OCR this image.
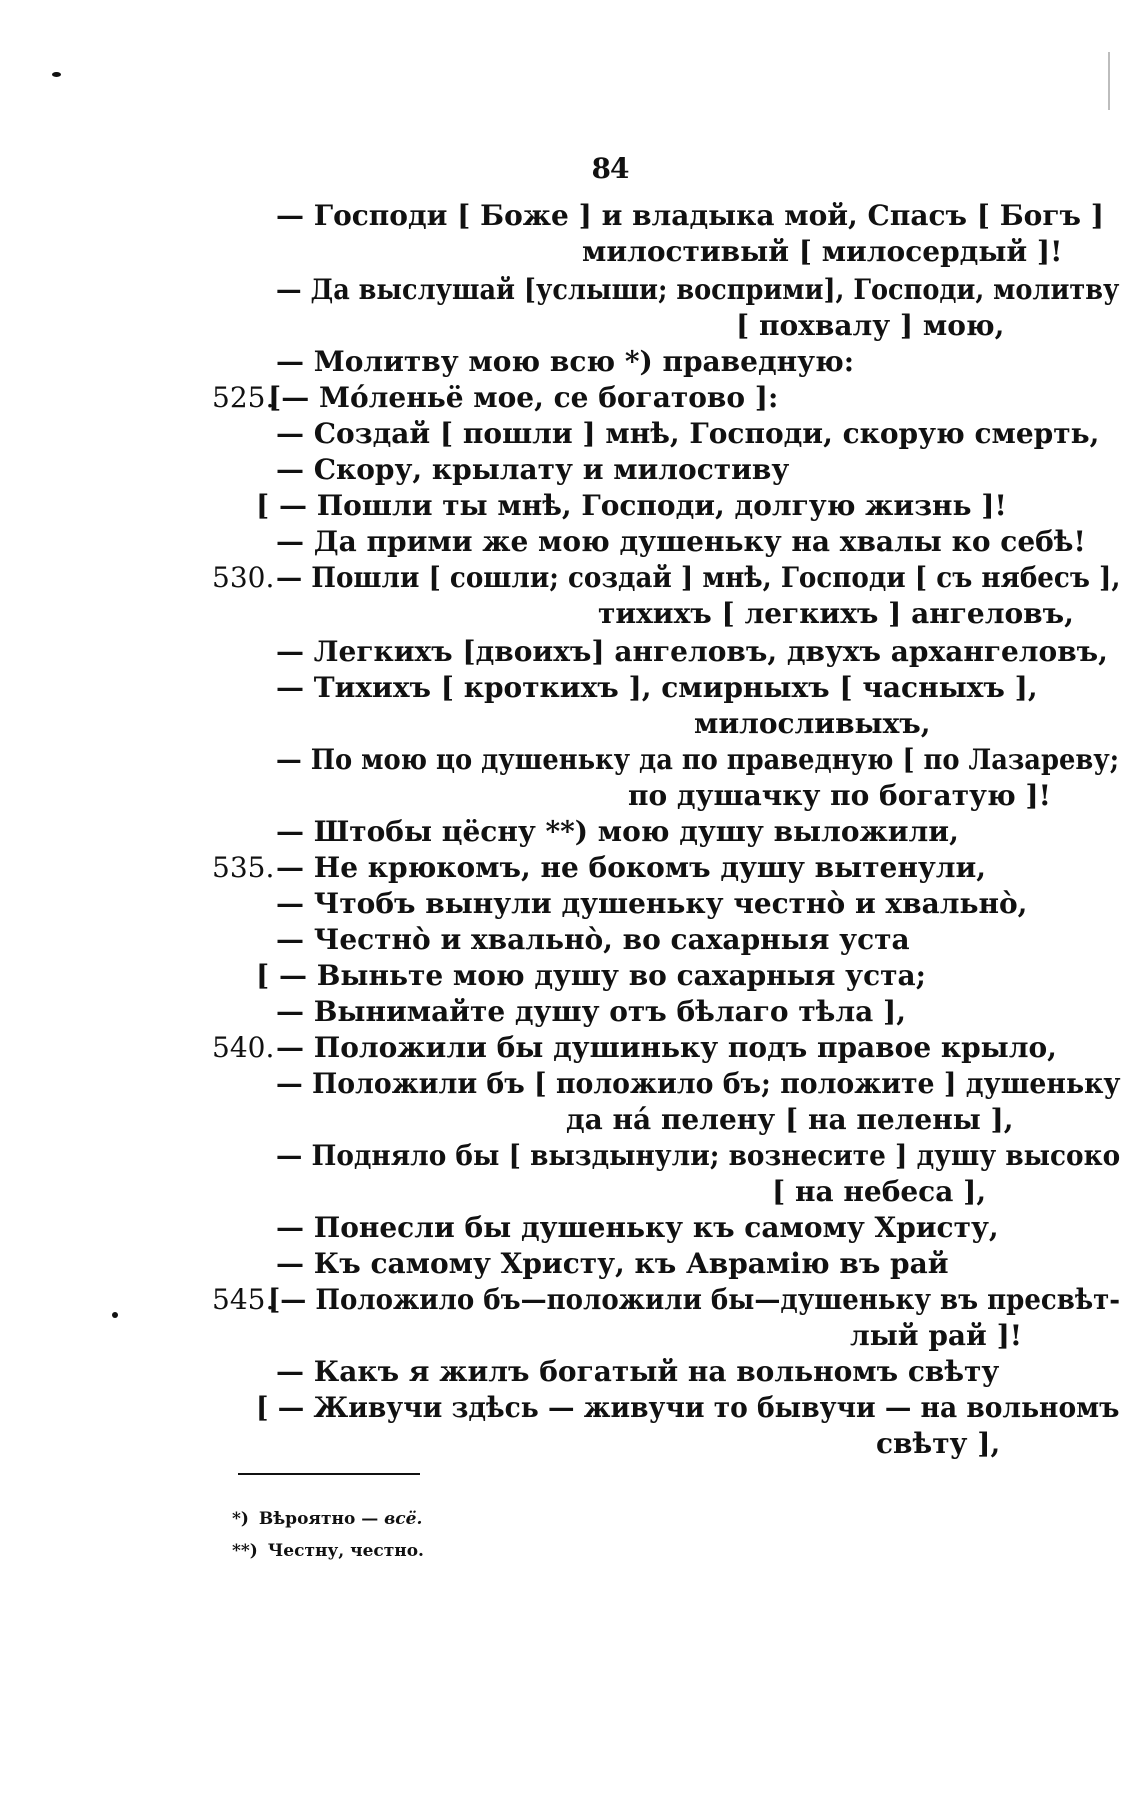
84
— Господи [ Боже ] и владыка мой, Спасъ [ Богъ ]
милостивый [ милосердый ]!
— Да выслушай [услыши; восприми], Господи, молитву
[ похвалу ] мою,
— Молитву мою всю *) праведную:
525.
[— Мо́леньё мое, се богатово ]:
— Создай [ пошли ] мнѣ, Господи, скорую смерть,
— Скору, крылату и милостиву
[ — Пошли ты мнѣ, Господи, долгую жизнь ]!
— Да прими же мою душеньку на хвалы ко себѣ!
530. — Пошли [ сошли; создай ] мнѣ, Господи [ съ нябесъ ],
тихихъ [ легкихъ ] ангеловъ,
— Легкихъ [двоихъ] ангеловъ, двухъ архангеловъ,
— Тихихъ [ кроткихъ ], смирныхъ [ часныхъ ],
милосливыхъ,
— По мою цо душеньку да по праведную [ по Лазареву;
по душачку по богатую ]!
— Штобы цёсну **) мою душу выложили,
535. — Не крюкомъ, не бокомъ душу вытенули,
— Чтобъ вынули душеньку честно̀ и хвально̀,
— Честно̀ и хвально̀, во сахарныя уста
[ — Выньте мою душу во сахарныя уста;
— Вынимайте душу отъ бѣлаго тѣла ],
540. — Положили бы душиньку подъ правое крыло,
— Положили бъ [ положило бъ; положите ] душеньку
да на́ пелену [ на пелены ],
— Подняло бы [ выздынули; вознесите ] душу высоко
[ на небеса ],
— Понесли бы душеньку къ самому Христу,
— Къ самому Христу, къ Аврамію въ рай
545.
[— Положило бъ—положили бы—душеньку въ пресвѣт-
лый рай ]!
— Какъ я жилъ богатый на вольномъ свѣту
[ — Живучи здѣсь — живучи то бывучи — на вольномъ
свѣту ],
*) Вѣроятно — всё.
**) Честну, честно.
